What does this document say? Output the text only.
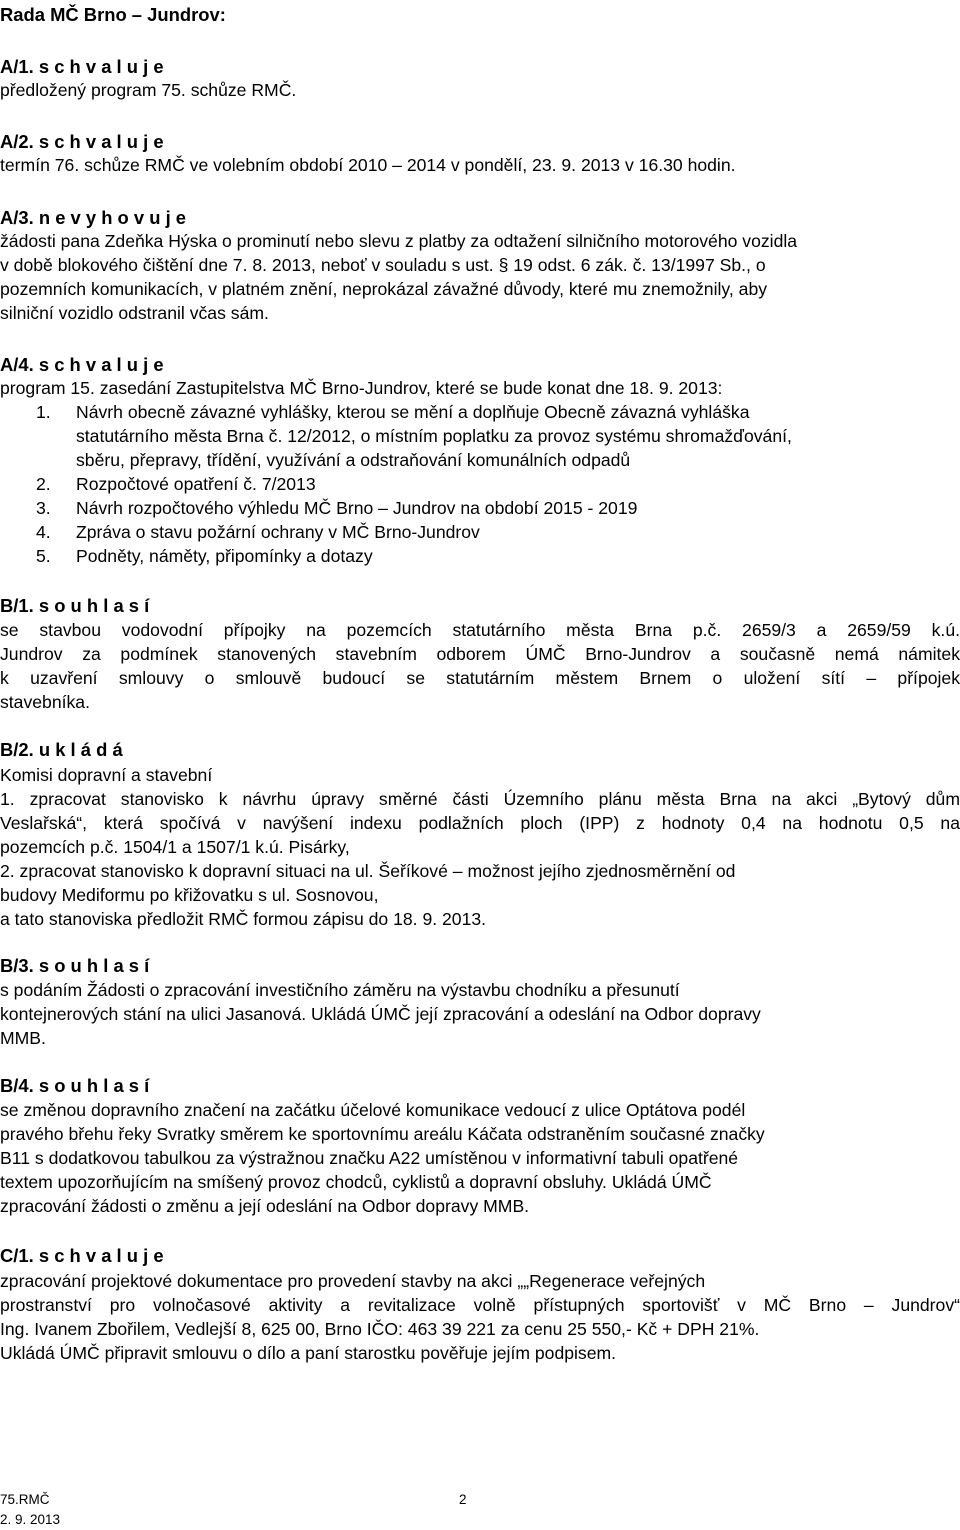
Rada MČ Brno – Jundrov:
A/1. s c h v a l u j e
předložený program 75. schůze RMČ.
A/2. s c h v a l u j e
termín 76. schůze RMČ ve volebním období 2010 – 2014 v pondělí, 23. 9. 2013 v 16.30 hodin.
A/3. n e v y h o v u j e
žádosti pana Zdeňka Hýska o prominutí nebo slevu z platby za odtažení silničního motorového vozidla
v době blokového čištění dne 7. 8. 2013, neboť v souladu s ust. § 19 odst. 6 zák. č. 13/1997 Sb., o
pozemních komunikacích, v platném znění, neprokázal závažné důvody, které mu znemožnily, aby
silniční vozidlo odstranil včas sám.
A/4. s c h v a l u j e
program 15. zasedání Zastupitelstva MČ Brno-Jundrov, které se bude konat dne 18. 9. 2013:
1. Návrh obecně závazné vyhlášky, kterou se mění a doplňuje Obecně závazná vyhláška
statutárního města Brna č. 12/2012, o místním poplatku za provoz systému shromažďování,
sběru, přepravy, třídění, využívání a odstraňování komunálních odpadů
2. Rozpočtové opatření č. 7/2013
3. Návrh rozpočtového výhledu MČ Brno – Jundrov na období 2015 - 2019
4. Zpráva o stavu požární ochrany v MČ Brno-Jundrov
5. Podněty, náměty, připomínky a dotazy
B/1. s o u h l a s í
se stavbou vodovodní přípojky na pozemcích statutárního města Brna p.č. 2659/3 a 2659/59 k.ú.
Jundrov za podmínek stanovených stavebním odborem ÚMČ Brno-Jundrov a současně nemá námitek
k uzavření smlouvy o smlouvě budoucí se statutárním městem Brnem o uložení sítí – přípojek
stavebníka.
B/2. u k l á d á
Komisi dopravní a stavební
1. zpracovat stanovisko k návrhu úpravy směrné části Územního plánu města Brna na akci „Bytový dům
Veslařská“, která spočívá v navýšení indexu podlažních ploch (IPP) z hodnoty 0,4 na hodnotu 0,5 na
pozemcích p.č. 1504/1 a 1507/1 k.ú. Pisárky,
2. zpracovat stanovisko k dopravní situaci na ul. Šeříkové – možnost jejího zjednosměrnění od
budovy Mediformu po křižovatku s ul. Sosnovou,
a tato stanoviska předložit RMČ formou zápisu do 18. 9. 2013.
B/3. s o u h l a s í
s podáním Žádosti o zpracování investičního záměru na výstavbu chodníku a přesunutí
kontejnerových stání na ulici Jasanová. Ukládá ÚMČ její zpracování a odeslání na Odbor dopravy
MMB.
B/4. s o u h l a s í
se změnou dopravního značení na začátku účelové komunikace vedoucí z ulice Optátova podél
pravého břehu řeky Svratky směrem ke sportovnímu areálu Káčata odstraněním současné značky
B11 s dodatkovou tabulkou za výstražnou značku A22 umístěnou v informativní tabuli opatřené
textem upozorňujícím na smíšený provoz chodců, cyklistů a dopravní obsluhy. Ukládá ÚMČ
zpracování žádosti o změnu a její odeslání na Odbor dopravy MMB.
C/1. s c h v a l u j e
zpracování projektové dokumentace pro provedení stavby na akci „„Regenerace veřejných
prostranství pro volnočasové aktivity a revitalizace volně přístupných sportovišť v MČ Brno – Jundrov“
Ing. Ivanem Zbořilem, Vedlejší 8, 625 00, Brno IČO: 463 39 221 za cenu 25 550,- Kč + DPH 21%.
Ukládá ÚMČ připravit smlouvu o dílo a paní starostku pověřuje jejím podpisem.
75.RMČ	2
2. 9. 2013
